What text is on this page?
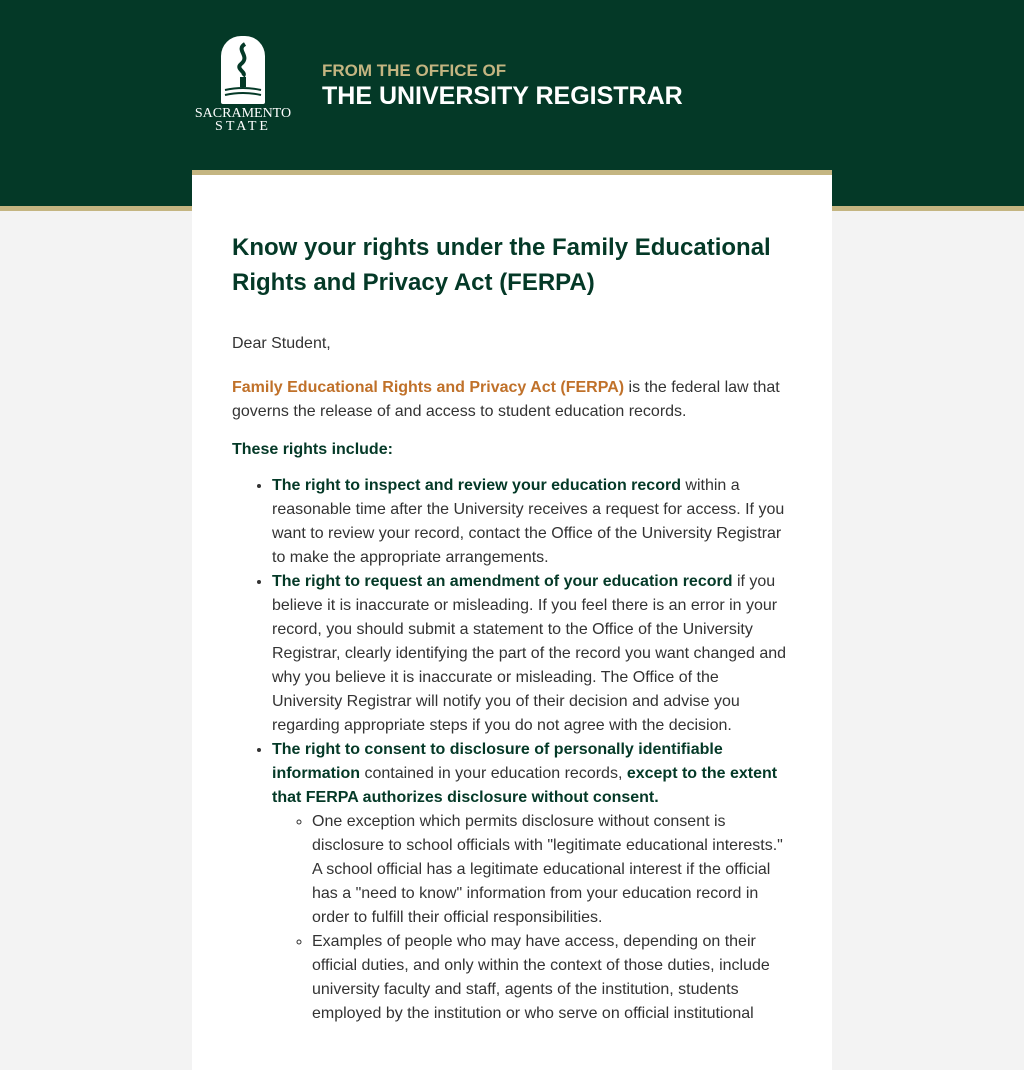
SACRAMENTO
STATE
FROM THE OFFICE OF
THE UNIVERSITY REGISTRAR
Know your rights under the Family Educational Rights and Privacy Act (FERPA)

Dear Student,

Family Educational Rights and Privacy Act (FERPA) is the federal law that governs the release of and access to student education records.

These rights include:

• The right to inspect and review your education record within a reasonable time after the University receives a request for access. If you want to review your record, contact the Office of the University Registrar to make the appropriate arrangements.
• The right to request an amendment of your education record if you believe it is inaccurate or misleading. If you feel there is an error in your record, you should submit a statement to the Office of the University Registrar, clearly identifying the part of the record you want changed and why you believe it is inaccurate or misleading. The Office of the University Registrar will notify you of their decision and advise you regarding appropriate steps if you do not agree with the decision.
• The right to consent to disclosure of personally identifiable information contained in your education records, except to the extent that FERPA authorizes disclosure without consent.
◦ One exception which permits disclosure without consent is disclosure to school officials with "legitimate educational interests." A school official has a legitimate educational interest if the official has a "need to know" information from your education record in order to fulfill their official responsibilities.
◦ Examples of people who may have access, depending on their official duties, and only within the context of those duties, include university faculty and staff, agents of the institution, students employed by the institution or who serve on official institutional
